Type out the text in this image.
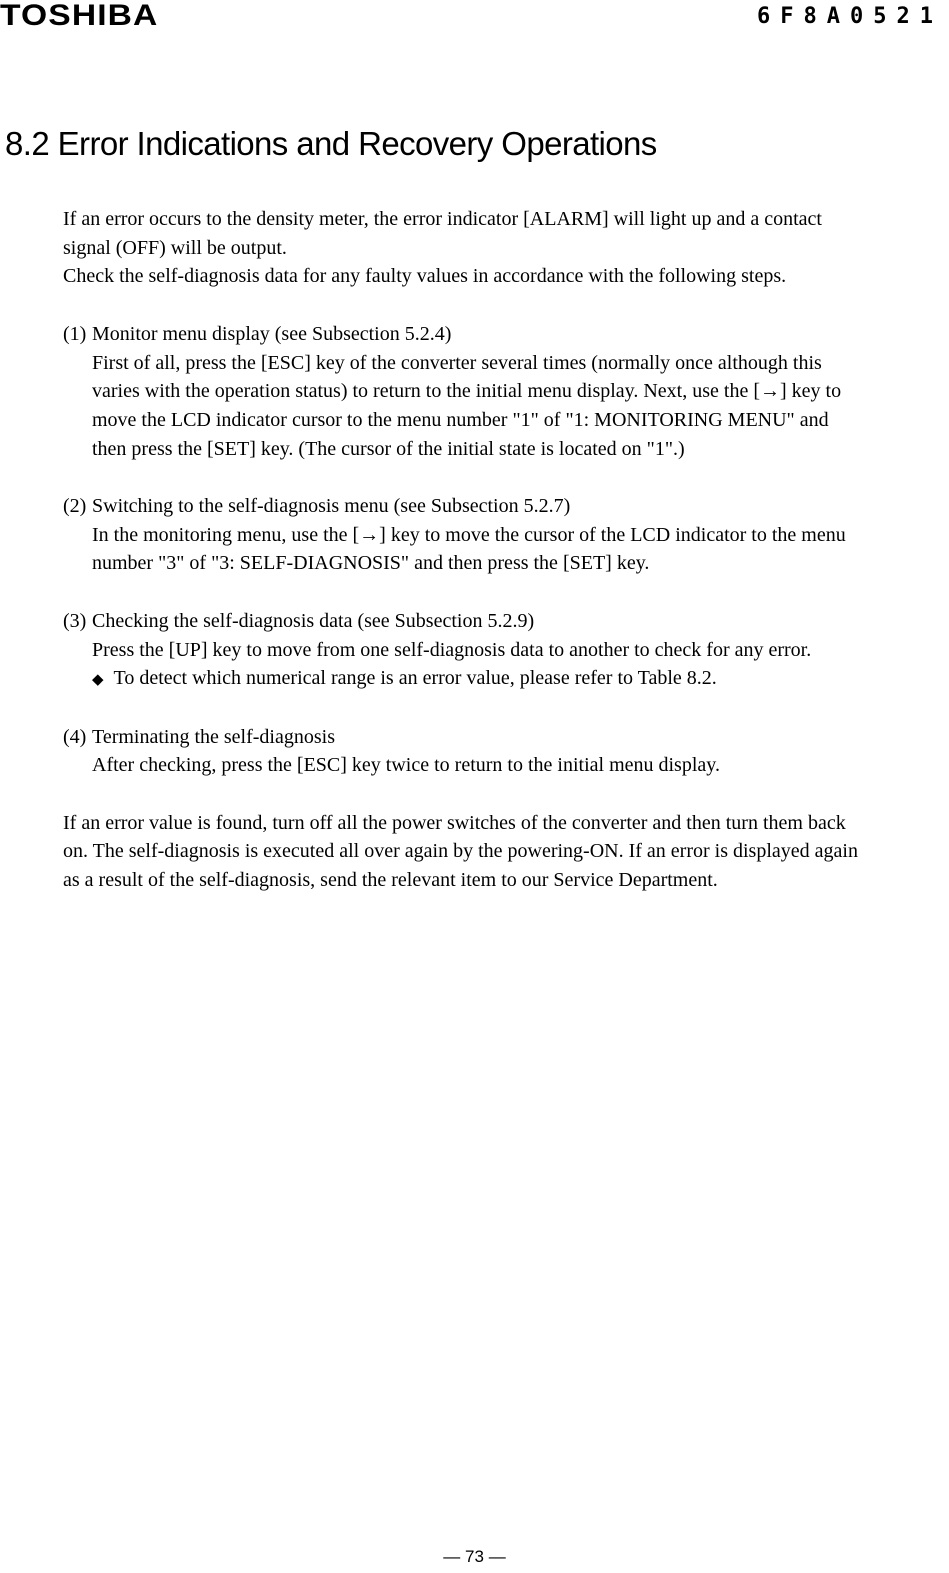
TOSHIBA	6F8A0521
8.2 Error Indications and Recovery Operations

If an error occurs to the density meter, the error indicator [ALARM] will light up and a contact

signal (OFF) will be output.

Check the self-diagnosis data for any faulty values in accordance with the following steps.

(1) Monitor menu display (see Subsection 5.2.4)

First of all, press the [ESC] key of the converter several times (normally once although this

varies with the operation status) to return to the initial menu display. Next, use the [→] key to

move the LCD indicator cursor to the menu number "1" of "1: MONITORING MENU" and

then press the [SET] key. (The cursor of the initial state is located on "1".)

(2) Switching to the self-diagnosis menu (see Subsection 5.2.7)

In the monitoring menu, use the [→] key to move the cursor of the LCD indicator to the menu

number "3" of "3: SELF-DIAGNOSIS" and then press the [SET] key.

(3) Checking the self-diagnosis data (see Subsection 5.2.9)

Press the [UP] key to move from one self-diagnosis data to another to check for any error.

◆ To detect which numerical range is an error value, please refer to Table 8.2.

(4) Terminating the self-diagnosis

After checking, press the [ESC] key twice to return to the initial menu display.

If an error value is found, turn off all the power switches of the converter and then turn them back

on. The self-diagnosis is executed all over again by the powering-ON. If an error is displayed again

as a result of the self-diagnosis, send the relevant item to our Service Department.

— 73 —
